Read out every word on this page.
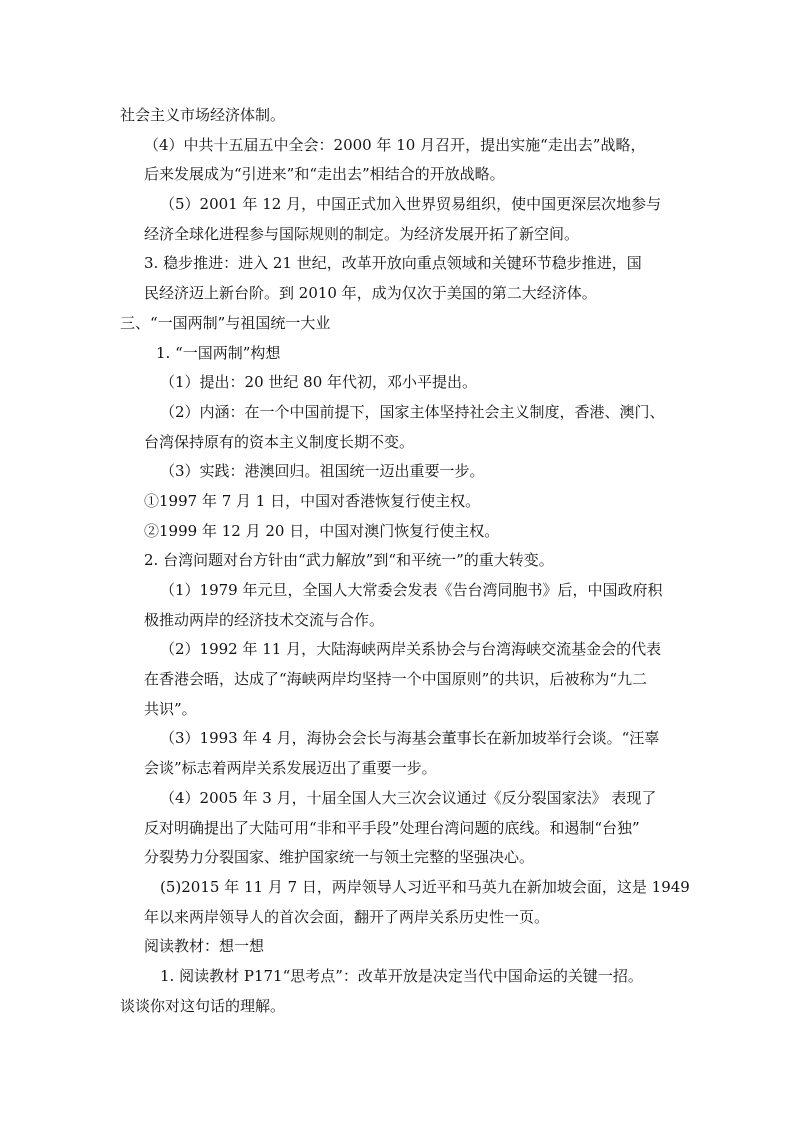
社会主义市场经济体制。
（4）中共十五届五中全会：2000 年 10 月召开，提出实施“走出去”战略，
后来发展成为“引进来”和“走出去”相结合的开放战略。
（5）2001 年 12 月，中国正式加入世界贸易组织，使中国更深层次地参与
经济全球化进程参与国际规则的制定。为经济发展开拓了新空间。
3. 稳步推进：进入 21 世纪，改革开放向重点领域和关键环节稳步推进，国
民经济迈上新台阶。到 2010 年，成为仅次于美国的第二大经济体。
三、“一国两制”与祖国统一大业
1. “一国两制”构想
（1）提出：20 世纪 80 年代初，邓小平提出。
（2）内涵：在一个中国前提下，国家主体坚持社会主义制度，香港、澳门、
台湾保持原有的资本主义制度长期不变。
（3）实践：港澳回归。祖国统一迈出重要一步。
①1997 年 7 月 1 日，中国对香港恢复行使主权。
②1999 年 12 月 20 日，中国对澳门恢复行使主权。
2. 台湾问题对台方针由“武力解放”到“和平统一”的重大转变。
（1）1979 年元旦，全国人大常委会发表《告台湾同胞书》后，中国政府积
极推动两岸的经济技术交流与合作。
（2）1992 年 11 月，大陆海峡两岸关系协会与台湾海峡交流基金会的代表
在香港会晤，达成了“海峡两岸均坚持一个中国原则”的共识，后被称为“九二
共识”。
（3）1993 年 4 月，海协会会长与海基会董事长在新加坡举行会谈。“汪辜
会谈”标志着两岸关系发展迈出了重要一步。
（4）2005 年 3 月，十届全国人大三次会议通过《反分裂国家法》 表现了
反对明确提出了大陆可用“非和平手段”处理台湾问题的底线。和遏制“台独”
分裂势力分裂国家、维护国家统一与领土完整的坚强决心。
(5)2015 年 11 月 7 日，两岸领导人习近平和马英九在新加坡会面，这是 1949
年以来两岸领导人的首次会面，翻开了两岸关系历史性一页。
阅读教材：想一想
1. 阅读教材 P171“思考点”：改革开放是决定当代中国命运的关键一招。
谈谈你对这句话的理解。
